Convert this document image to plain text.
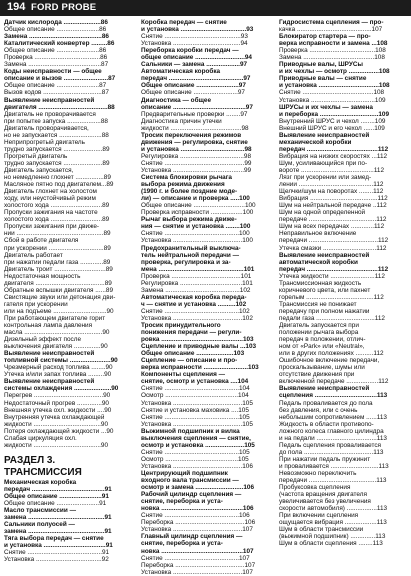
194 FORD PROBE
Датчик кислорода .....................86
Общее описание ........................86
Замена .........................................86
Каталитический конвертер .........86
Общее описание ........................86
Проверка .....................................86
Замена .........................................87
Коды неисправности — общее
описание и вызов .........................87
Общее описание ........................87
Вызов кодов .................................87
Выявление неисправностей
двигателя .......................................88
Двигатель не проворачивается
при попытке запуска ...................88
Двигатель проворачивается,
но не запускается ........................88
Неприпрогретый двигатель
трудно запускается ......................89
Прогретый двигатель
трудно запускается ......................89
Двигатель запускается,
но немедленно глохнет ................89
Масляное пятно под двигателем...89
Двигатель глохнет на холостом
ходу, или неустойчивый режим
холостого хода .............................89
Пропуски зажигания на частоте
холостого хода .............................89
Пропуски зажигания при движе-
нии .................................................89
Сбой в работе двигателя
при ускорении ...............................89
Двигатель работает
при нажатии педали газа .............89
Двигатель троит .............................89
Недостаточная мощность
двигателя .......................................89
Обратные вспышки двигателя ......89
Свистящие звуки или детонация дви-
гателя при ускорении
или на подъеме ..............................90
При работающем двигателе горит
контрольная лампа давления
масла ............................................90
Дизельный эффект после
выключения двигателя ...............90
Выявление неисправностей
топливной системы .......................90
Чрезмерный расход топлива ........90
Утечка и/или запах топлива .........90
Выявление неисправностей
системы охлаждения .....................90
Перегрев .......................................90
Недостаточный прогрев ..............90
Внешняя утечка охл. жидкости ....90
Внутренняя утечка охлаждающей
жидкости ......................................90
Потеря охлаждающей жидкости ...90
Слабая циркуляция охл.
жидкости ......................................90
РАЗДЕЛ 3.
ТРАНСМИССИЯ
Механическая коробка
передач .........................................91
Общее описание ........................91
Общее описание ........................91
Масло трансмиссии —
замена ...........................................91
Сальники полуосей —
замена ...........................................91
Тяга выбора передач — снятие
и установка ...................................91
Снятие ..........................................91
Установка .....................................92
Коробка передач — снятие
и установка .....................................93
Снятие ...........................................93
Установка ......................................94
Переборка коробки передач —
общее описание ............................94
Сальники — замена ...................97
Автоматическая коробка
передач ..........................................97
Общее описание ........................97
Общее описание .........................97
Диагностика — общее
описание .........................................97
Предварительные проверки ........97
Диагностика причин утечки
жидкости ........................................98
Тросик переключения режимов
движения — регулировка, снятие
и установка ....................................98
Регулировка ....................................98
Снятие .............................................99
Установка ........................................99
Система блокировки рычага
выбора режима движения
(1990 г. и более поздние моде-
ли) — описание и проверка .....100
Общее описание .............................100
Проверка исправности ..................100
Рычаг выбора режима движе-
ния — снятие и установка ........100
Снятие ..........................................100
Установка .......................................100
Предохранительный выключа-
тель нейтральной передачи —
проверка, регулировка и за-
мена ................................................101
Проверка .......................................101
Регулировка ...................................101
Замена ..........................................102
Автоматическая коробка переда-
ч — снятие и установка ..........102
Снятие ..........................................102
Установка .......................................102
Тросик принудительного
понижения передачи — регули-
ровка ..............................................103
Сцепление и приводные валы ...103
Общее описание .....................103
Сцепление — описание и про-
верка исправности .........................103
Компоненты сцепления —
снятие, осмотр и установка ....104
Снятие ..........................................104
Осмотр .........................................104
Установка .......................................105
Снятие и установка маховика ....105
Снятие ..........................................105
Установка .......................................105
Выжимной подшипник и вилка
выключения сцепления — снятие,
осмотр и установка ......................105
Снятие ..........................................105
Осмотр .........................................105
Установка .......................................106
Центрирующий подшипник
входного вала трансмиссии —
осмотр и замена ...........................106
Рабочий цилиндр сцепления —
снятие, переборка и уста-
новка ..............................................106
Снятие ..........................................106
Переборка .......................................106
Установка .......................................107
Главный цилиндр сцепления —
снятие, переборка и уста-
новка ..............................................107
Снятие ..........................................107
Переборка .......................................107
Установка .......................................107
Гидросистема сцепления — про-
качка ..........................................107
Блокиратор стартера — про-
верка исправности и замена ...108
Проверка .....................................108
Замена ........................................108
Приводные валы, ШРУСы
и их чехлы — осмотр .................108
Приводные валы — снятие
и установка ..................................108
Снятие ........................................108
Установка ....................................109
ШРУСы и их чехлы — замена
и переборка .................................109
Внутренний ШРУС и чехол ........109
Внешний ШРУС и его чехол ......109
Выявление неисправностей
механической коробки
передач ........................................112
Вибрация на низких скоростях ...112
Шум, усиливающийся при по-
вороте .........................................112
Лязг при ускорении или замед-
лении ..........................................112
Щелчки/шум на поворотах ........112
Вибрация ......................................112
Шум на нейтральной передаче ..112
Шум на одной определенной
передаче ......................................112
Шум на всех передачах .............112
Неправильное включение
передачи .......................................112
Утечка смазки ..............................112
Выявление неисправностей
автоматической коробки
передач ........................................112
Утечка жидкости .........................112
Трансмиссионная жидкость
коричневого цвета, или пахнет
горелым ......................................112
Трансмиссия не понижает
передачу при полном нажатии
педали газа .................................112
Двигатель запускается при
положении рычага выбора
передач в положении, отлич-
ном от «Park» или «Neutral»,
или в других положениях ..........112
Ошибочное включение передачи,
проскальзывание, шумы или
отсутствие движения при
включенной передаче ..................112
Выявление неисправностей
сцепления ...................................113
Педаль проваливается до пола
без давления, или с очень
небольшим сопротивлением ......113
Жидкость в области противопо-
ложного колеса главного цилиндра
и на педали ..................................113
Педаль сцепления проваливается
до пола .......................................113
При нажатии педаль пружинит
и проваливается ...........................113
Невозможно переключить
передачи ......................................113
Пробуксовка сцепления
(частота вращения двигателя
увеличивается без увеличения
скорости автомобиля) .................113
При включении сцепления
ощущается вибрация ..................113
Шум в области трансмиссии
(выжимной подшипник) ..............113
Шум в области сцепления ........113
